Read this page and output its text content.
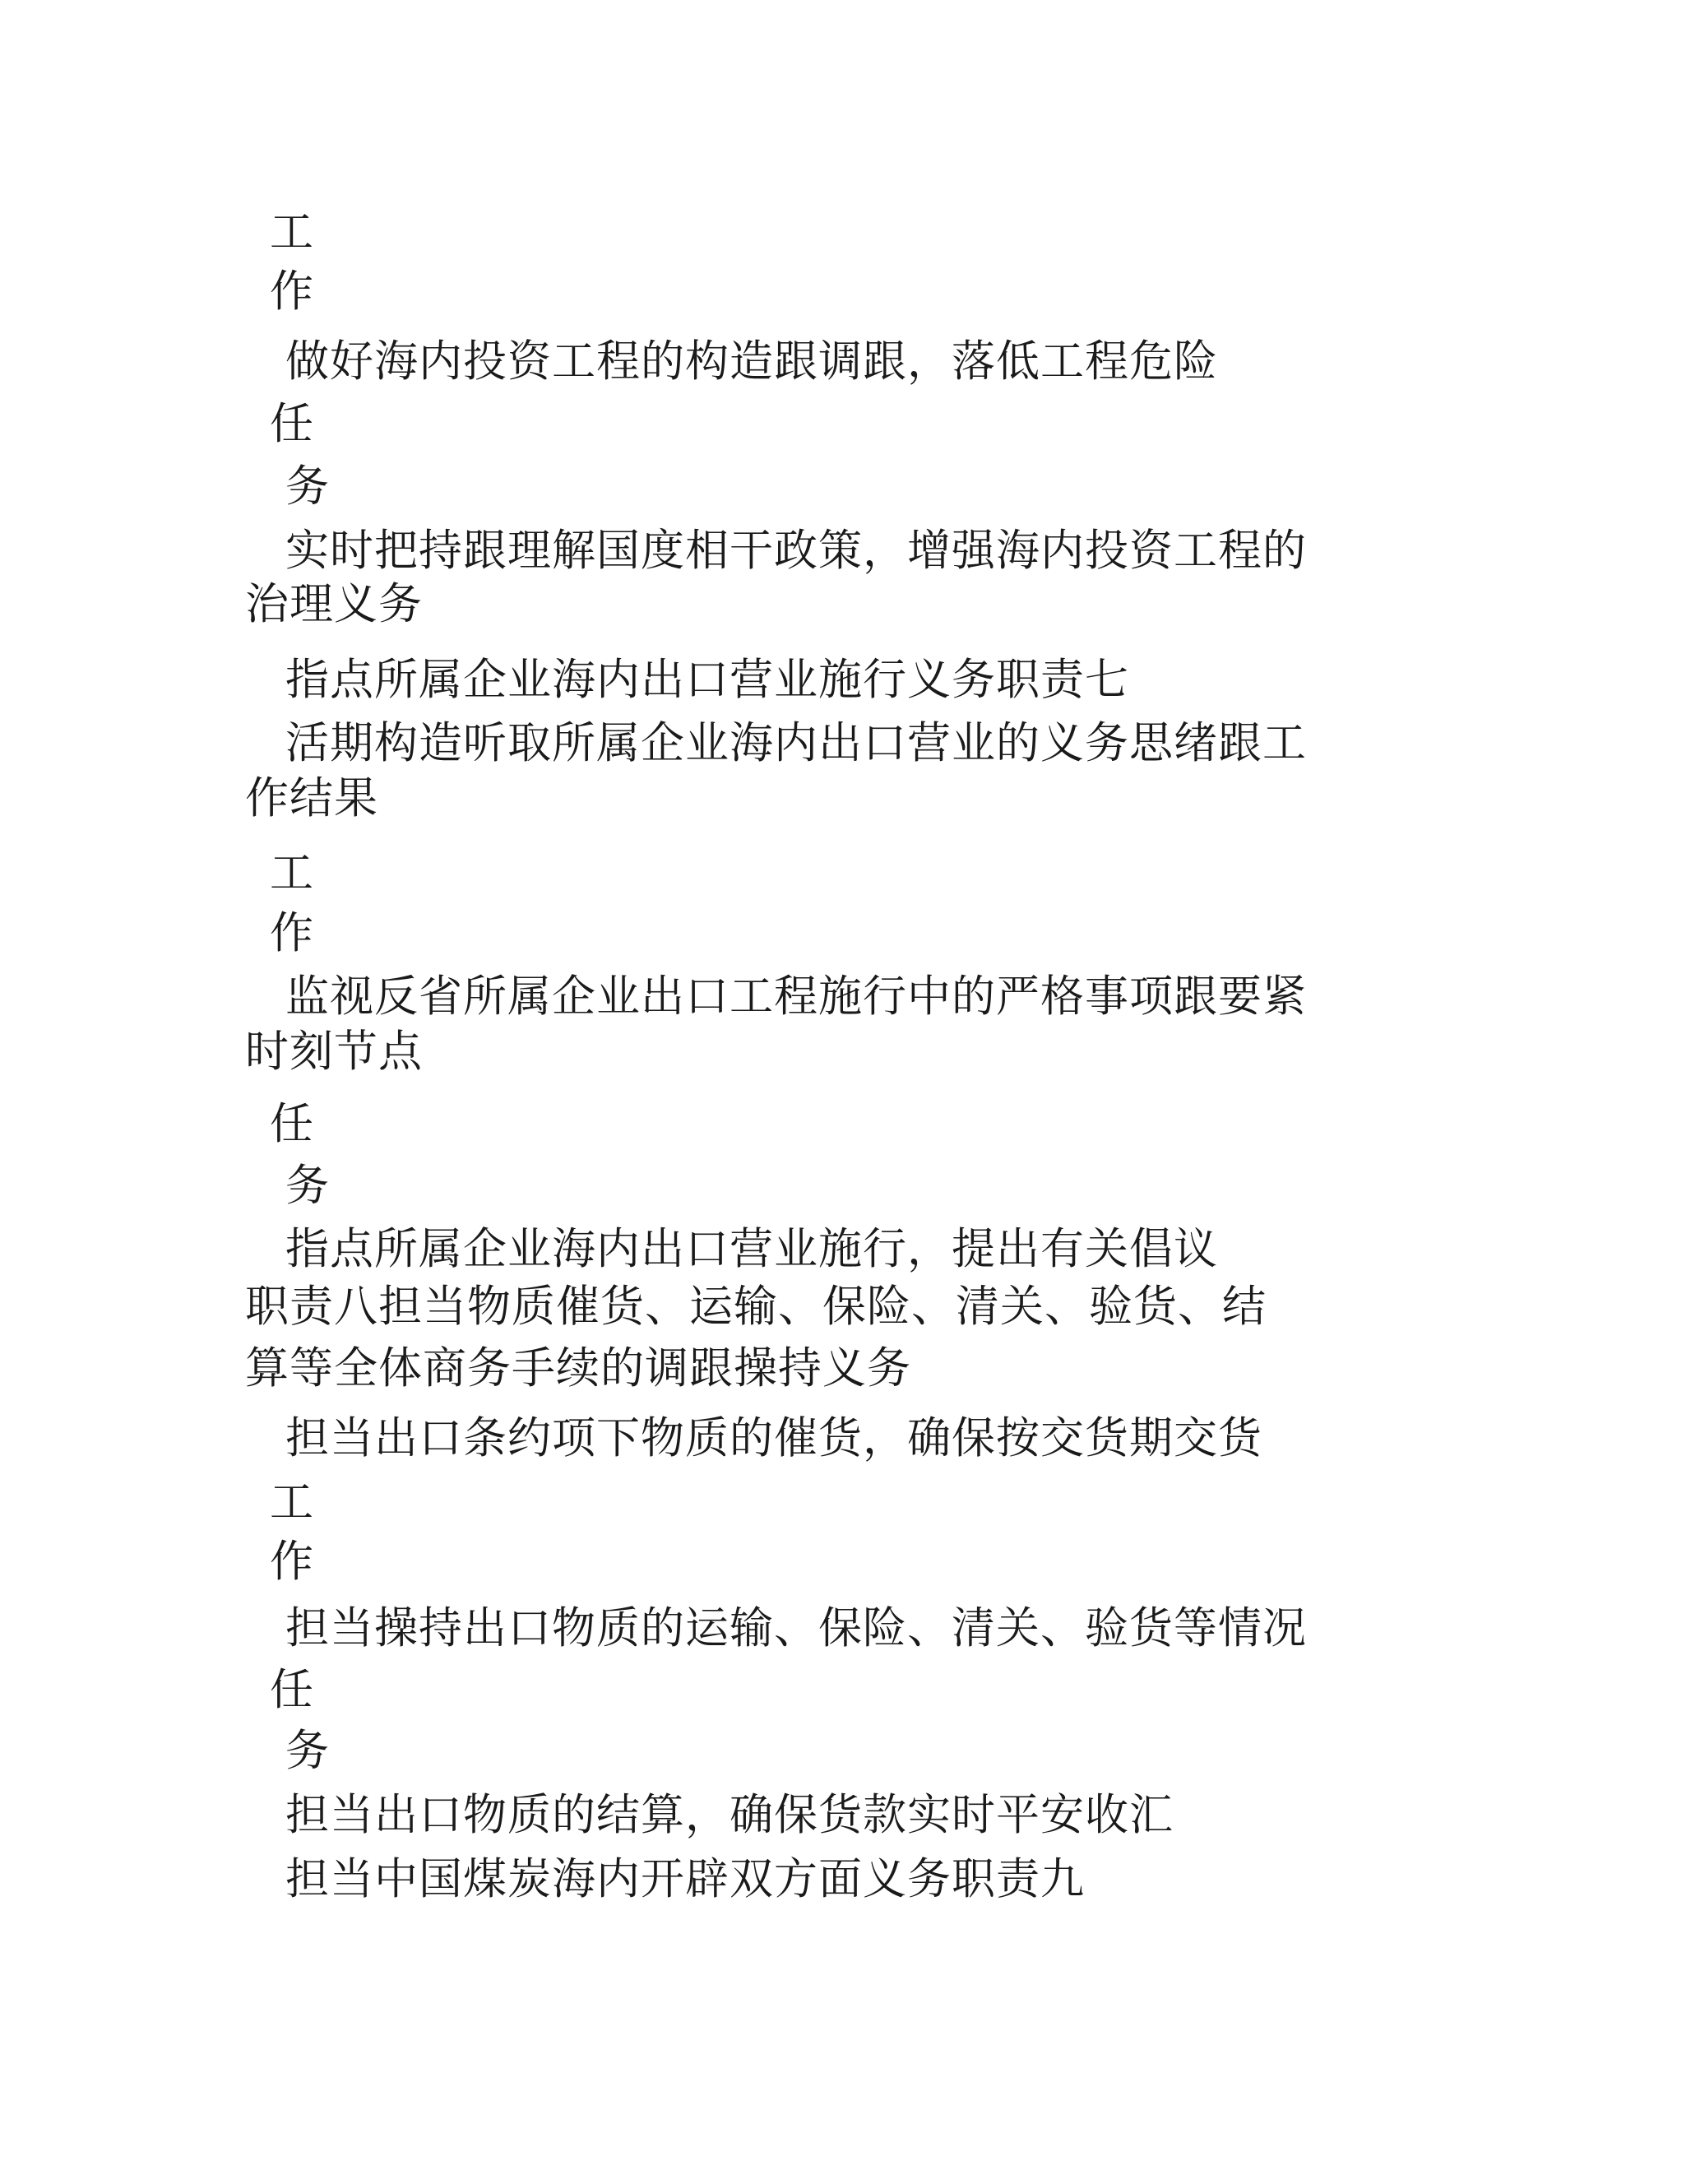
工

作

做好海内投资工程的构造跟调跟，落低工程危险

任

务

实时把持跟理解国度相干政策，增强海内投资工程的

治理义务

指点所属企业海内出口营业施行义务职责七

活期构造听取所属企业海内出口营业的义务思绪跟工

作结果

工

作

监视反省所属企业出口工程施行中的严格事项跟要紧

时刻节点

任

务

指点所属企业海内出口营业施行，提出有关倡议

职责八担当物质催货、运输、保险、清关、验货、结

算等全体商务手续的调跟操持义务

担当出口条约项下物质的催货，确保按交货期交货

工

作

担当操持出口物质的运输、保险、清关、验货等情况

任

务

担当出口物质的结算，确保货款实时平安收汇

担当中国煤炭海内开辟双方面义务职责九
